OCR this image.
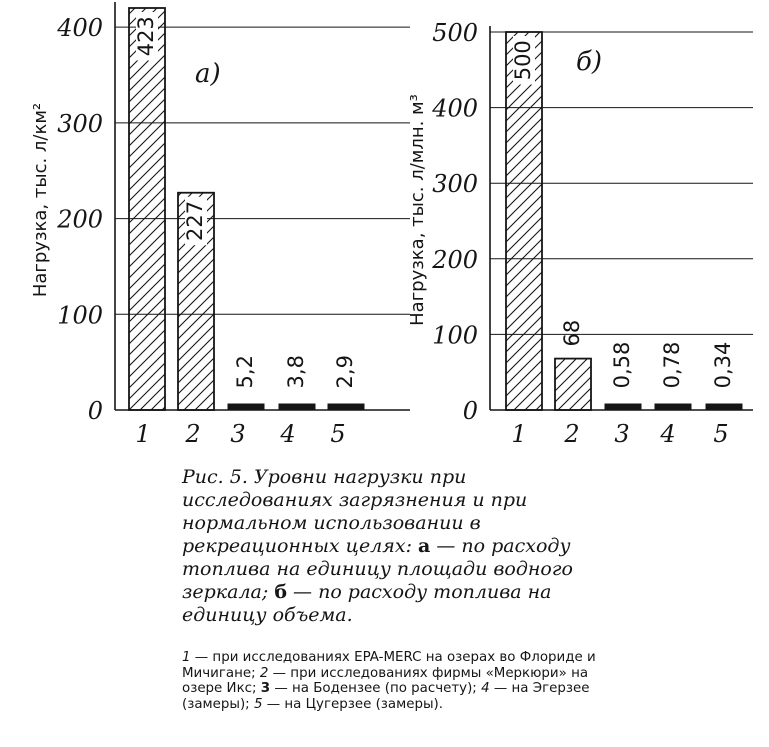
0
100
200
300
400
Нагрузка, тыс. л/км²
а)
423
1
227
2
5,2
3
3,8
4
2,9
5
0
100
200
300
400
500
Нагрузка, тыс. л/млн. м³
б)
500
1
68
2
0,58
3
0,78
4
0,34
5
Рис. 5. Уровни нагрузки при исследованиях загрязнения и при нормальном использовании в рекреационных целях: а — по расходу топлива на единицу площади водного зеркала; б — по расходу топлива на единицу объема.
1 — при исследованиях EPA-MERC на озерах во Флориде и Мичигане; 2 — при исследованиях фирмы «Меркюри» на озере Икс; 3 — на Бодензее (по расчету); 4 — на Эгерзее (замеры); 5 — на Цугерзее (замеры).
